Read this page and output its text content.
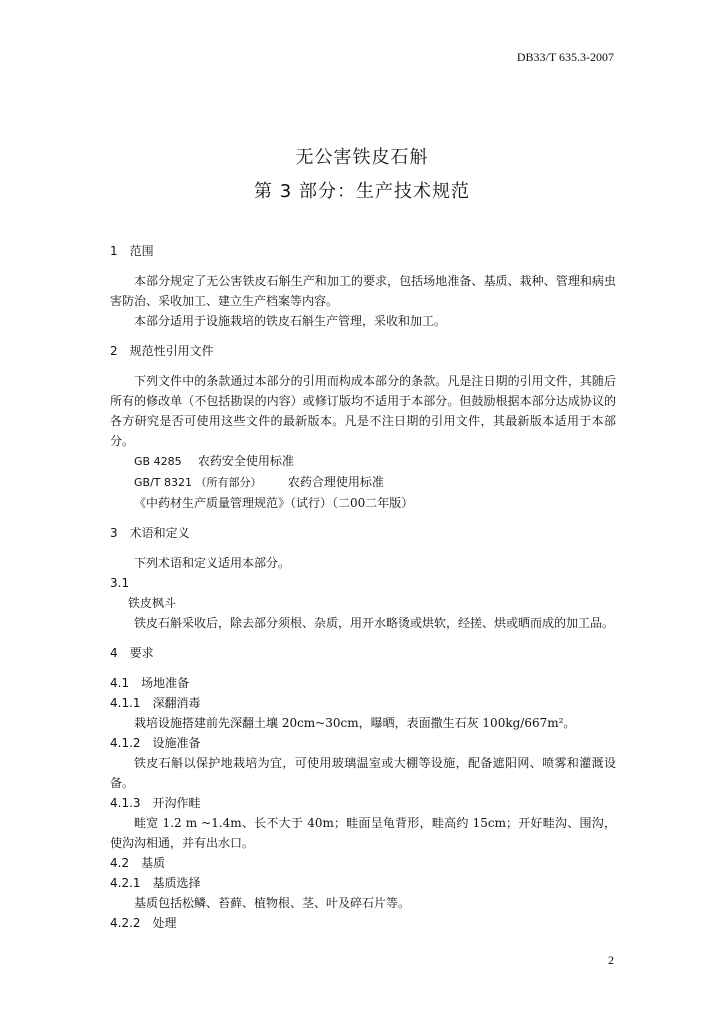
DB33/T 635.3-2007
无公害铁皮石斛
第 3 部分：生产技术规范
1　范围
本部分规定了无公害铁皮石斛生产和加工的要求，包括场地准备、基质、栽种、管理和病虫害防治、采收加工、建立生产档案等内容。
本部分适用于设施栽培的铁皮石斛生产管理，采收和加工。
2　规范性引用文件
下列文件中的条款通过本部分的引用而构成本部分的条款。凡是注日期的引用文件，其随后所有的修改单（不包括勘误的内容）或修订版均不适用于本部分。但鼓励根据本部分达成协议的各方研究是否可使用这些文件的最新版本。凡是不注日期的引用文件，其最新版本适用于本部分。
GB 4285 农药安全使用标准
GB/T 8321 （所有部分） 农药合理使用标准
《中药材生产质量管理规范》（试行）（二00二年版）
3　术语和定义
下列术语和定义适用本部分。
3.1
铁皮枫斗
铁皮石斛采收后，除去部分须根、杂质，用开水略烫或烘软，经搓、烘或晒而成的加工品。
4　要求
4.1　场地准备
4.1.1　深翻消毒
栽培设施搭建前先深翻土壤 20cm~30cm，曝晒，表面撒生石灰 100kg/667m²。
4.1.2　设施准备
铁皮石斛以保护地栽培为宜，可使用玻璃温室或大棚等设施，配备遮阳网、喷雾和灌溉设备。
4.1.3　开沟作畦
畦宽 1.2 m ~1.4m、长不大于 40m；畦面呈龟背形，畦高约 15cm；开好畦沟、围沟，使沟沟相通，并有出水口。
4.2　基质
4.2.1　基质选择
基质包括松鳞、苔藓、植物根、茎、叶及碎石片等。
4.2.2　处理
2
